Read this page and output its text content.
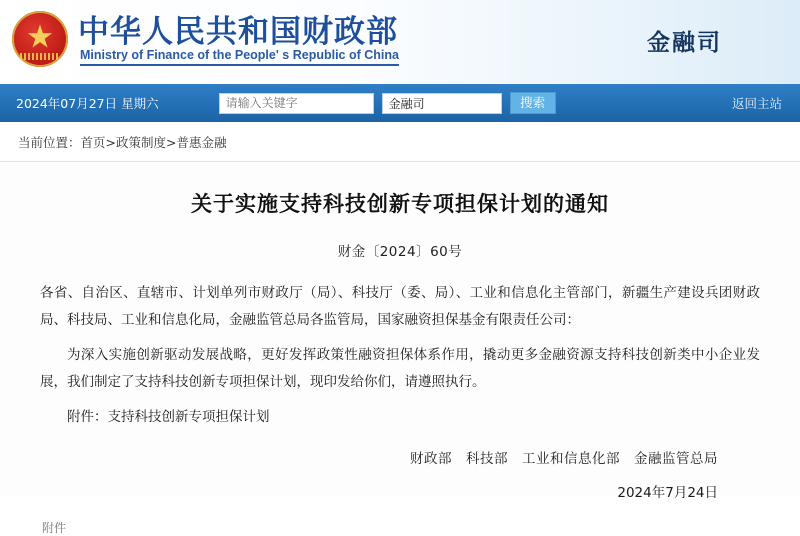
★
中华人民共和国财政部
Ministry of Finance of the People' s Republic of China	金融司
2024年07月27日 星期六
请输入关键字
金融司	搜索	返回主站
当前位置：首页>政策制度>普惠金融
关于实施支持科技创新专项担保计划的通知
财金〔2024〕60号

各省、自治区、直辖市、计划单列市财政厅（局）、科技厅（委、局）、工业和信息化主管部门，新疆生产建设兵团财政局、科技局、工业和信息化局，金融监管总局各监管局，国家融资担保基金有限责任公司：

为深入实施创新驱动发展战略，更好发挥政策性融资担保体系作用，撬动更多金融资源支持科技创新类中小企业发展，我们制定了支持科技创新专项担保计划，现印发给你们，请遵照执行。

附件：支持科技创新专项担保计划

财政部　科技部　工业和信息化部　金融监管总局
2024年7月24日
附件
